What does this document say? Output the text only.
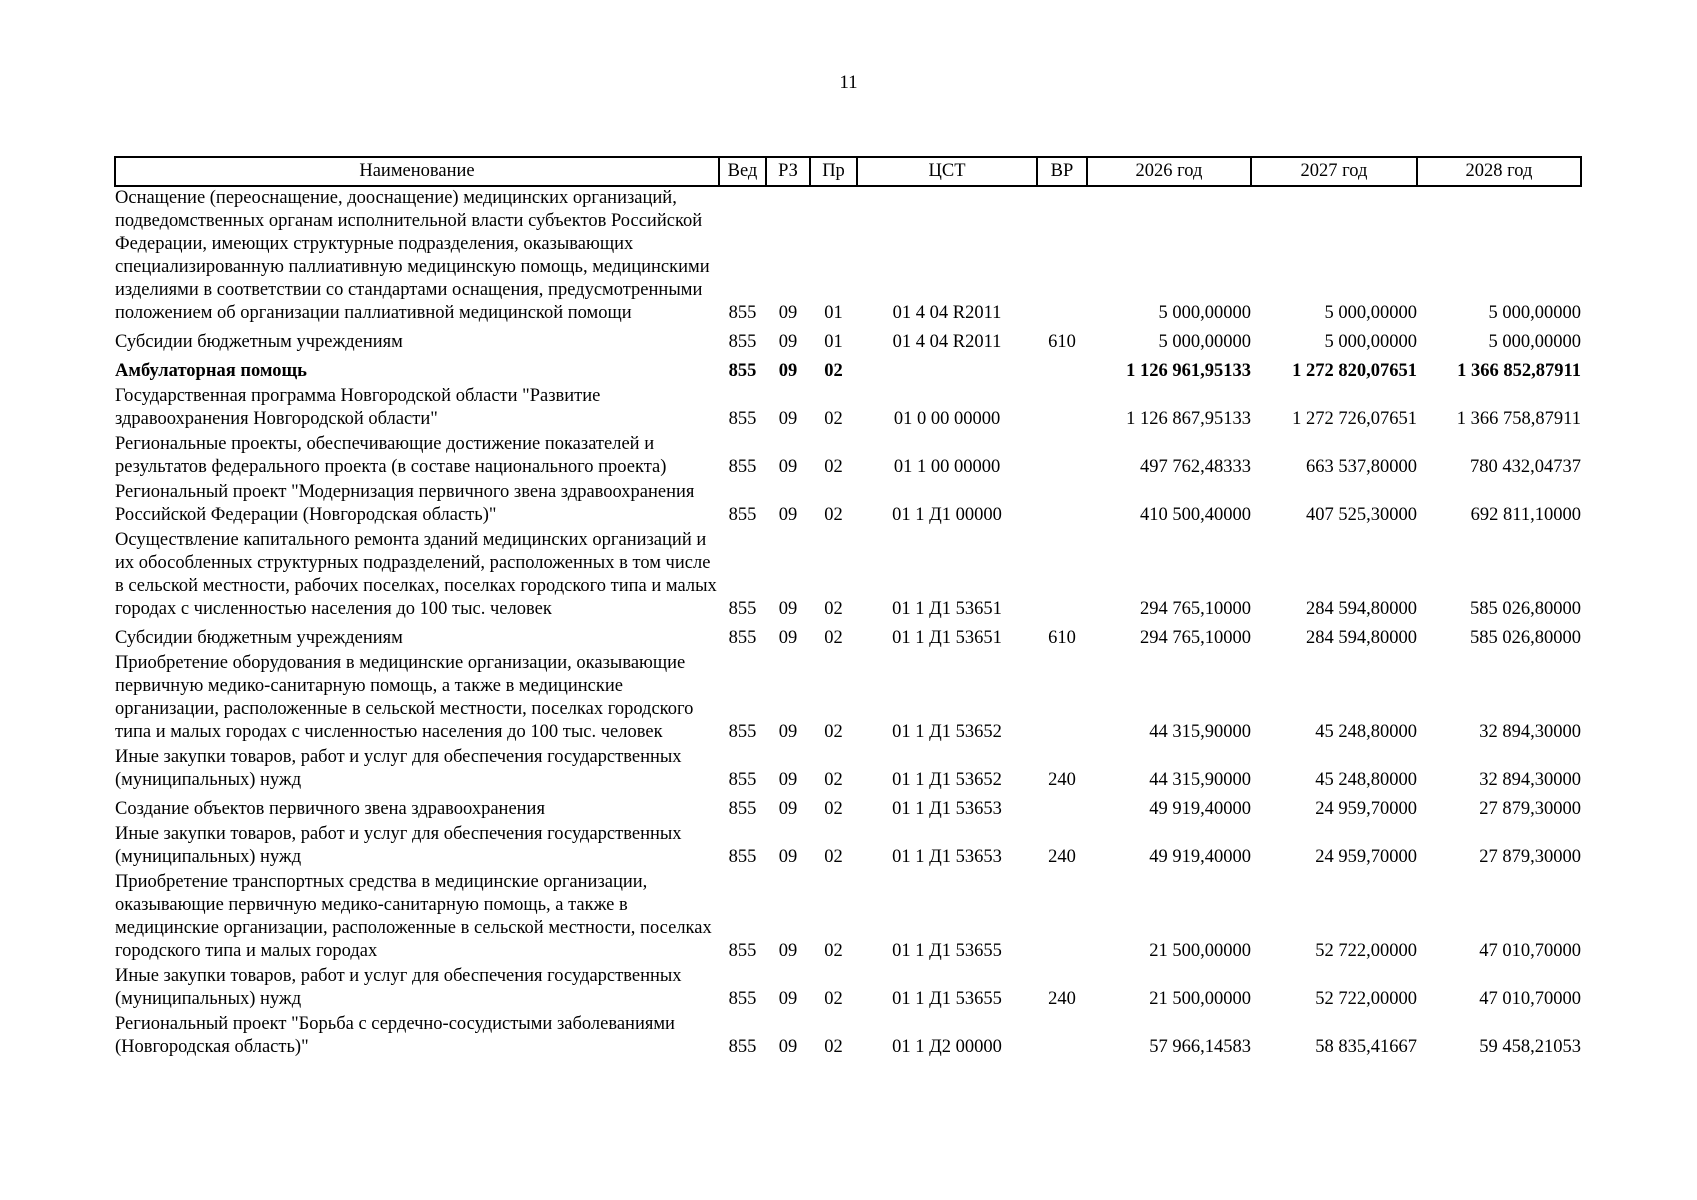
11
Наименование	Вед	РЗ	Пр	ЦСТ	ВР	2026 год	2027 год	2028 год
Оснащение (переоснащение, дооснащение) медицинских организаций, подведомственных органам исполнительной власти субъектов Российской Федерации, имеющих структурные подразделения, оказывающих специализированную паллиативную медицинскую помощь, медицинскими изделиями в соответствии со стандартами оснащения, предусмотренными положением об организации паллиативной медицинской помощи	855	09	01	01 4 04 R2011		5 000,00000	5 000,00000	5 000,00000
Субсидии бюджетным учреждениям	855	09	01	01 4 04 R2011	610	5 000,00000	5 000,00000	5 000,00000
Амбулаторная помощь	855	09	02			1 126 961,95133	1 272 820,07651	1 366 852,87911
Государственная программа Новгородской области "Развитие здравоохранения Новгородской области"	855	09	02	01 0 00 00000		1 126 867,95133	1 272 726,07651	1 366 758,87911
Региональные проекты, обеспечивающие достижение показателей и результатов федерального проекта (в составе национального проекта)	855	09	02	01 1 00 00000		497 762,48333	663 537,80000	780 432,04737
Региональный проект "Модернизация первичного звена здравоохранения Российской Федерации (Новгородская область)"	855	09	02	01 1 Д1 00000		410 500,40000	407 525,30000	692 811,10000
Осуществление капитального ремонта зданий медицинских организаций и их обособленных структурных подразделений, расположенных в том числе в сельской местности, рабочих поселках, поселках городского типа и малых городах с численностью населения до 100 тыс. человек	855	09	02	01 1 Д1 53651		294 765,10000	284 594,80000	585 026,80000
Субсидии бюджетным учреждениям	855	09	02	01 1 Д1 53651	610	294 765,10000	284 594,80000	585 026,80000
Приобретение оборудования в медицинские организации, оказывающие первичную медико-санитарную помощь, а также в медицинские организации, расположенные в сельской местности, поселках городского типа и малых городах с численностью населения до 100 тыс. человек	855	09	02	01 1 Д1 53652		44 315,90000	45 248,80000	32 894,30000
Иные закупки товаров, работ и услуг для обеспечения государственных (муниципальных) нужд	855	09	02	01 1 Д1 53652	240	44 315,90000	45 248,80000	32 894,30000
Создание объектов первичного звена здравоохранения	855	09	02	01 1 Д1 53653		49 919,40000	24 959,70000	27 879,30000
Иные закупки товаров, работ и услуг для обеспечения государственных (муниципальных) нужд	855	09	02	01 1 Д1 53653	240	49 919,40000	24 959,70000	27 879,30000
Приобретение транспортных средства в медицинские организации, оказывающие первичную медико-санитарную помощь, а также в медицинские организации, расположенные в сельской местности, поселках городского типа и малых городах	855	09	02	01 1 Д1 53655		21 500,00000	52 722,00000	47 010,70000
Иные закупки товаров, работ и услуг для обеспечения государственных (муниципальных) нужд	855	09	02	01 1 Д1 53655	240	21 500,00000	52 722,00000	47 010,70000
Региональный проект "Борьба с сердечно-сосудистыми заболеваниями (Новгородская область)"	855	09	02	01 1 Д2 00000		57 966,14583	58 835,41667	59 458,21053
